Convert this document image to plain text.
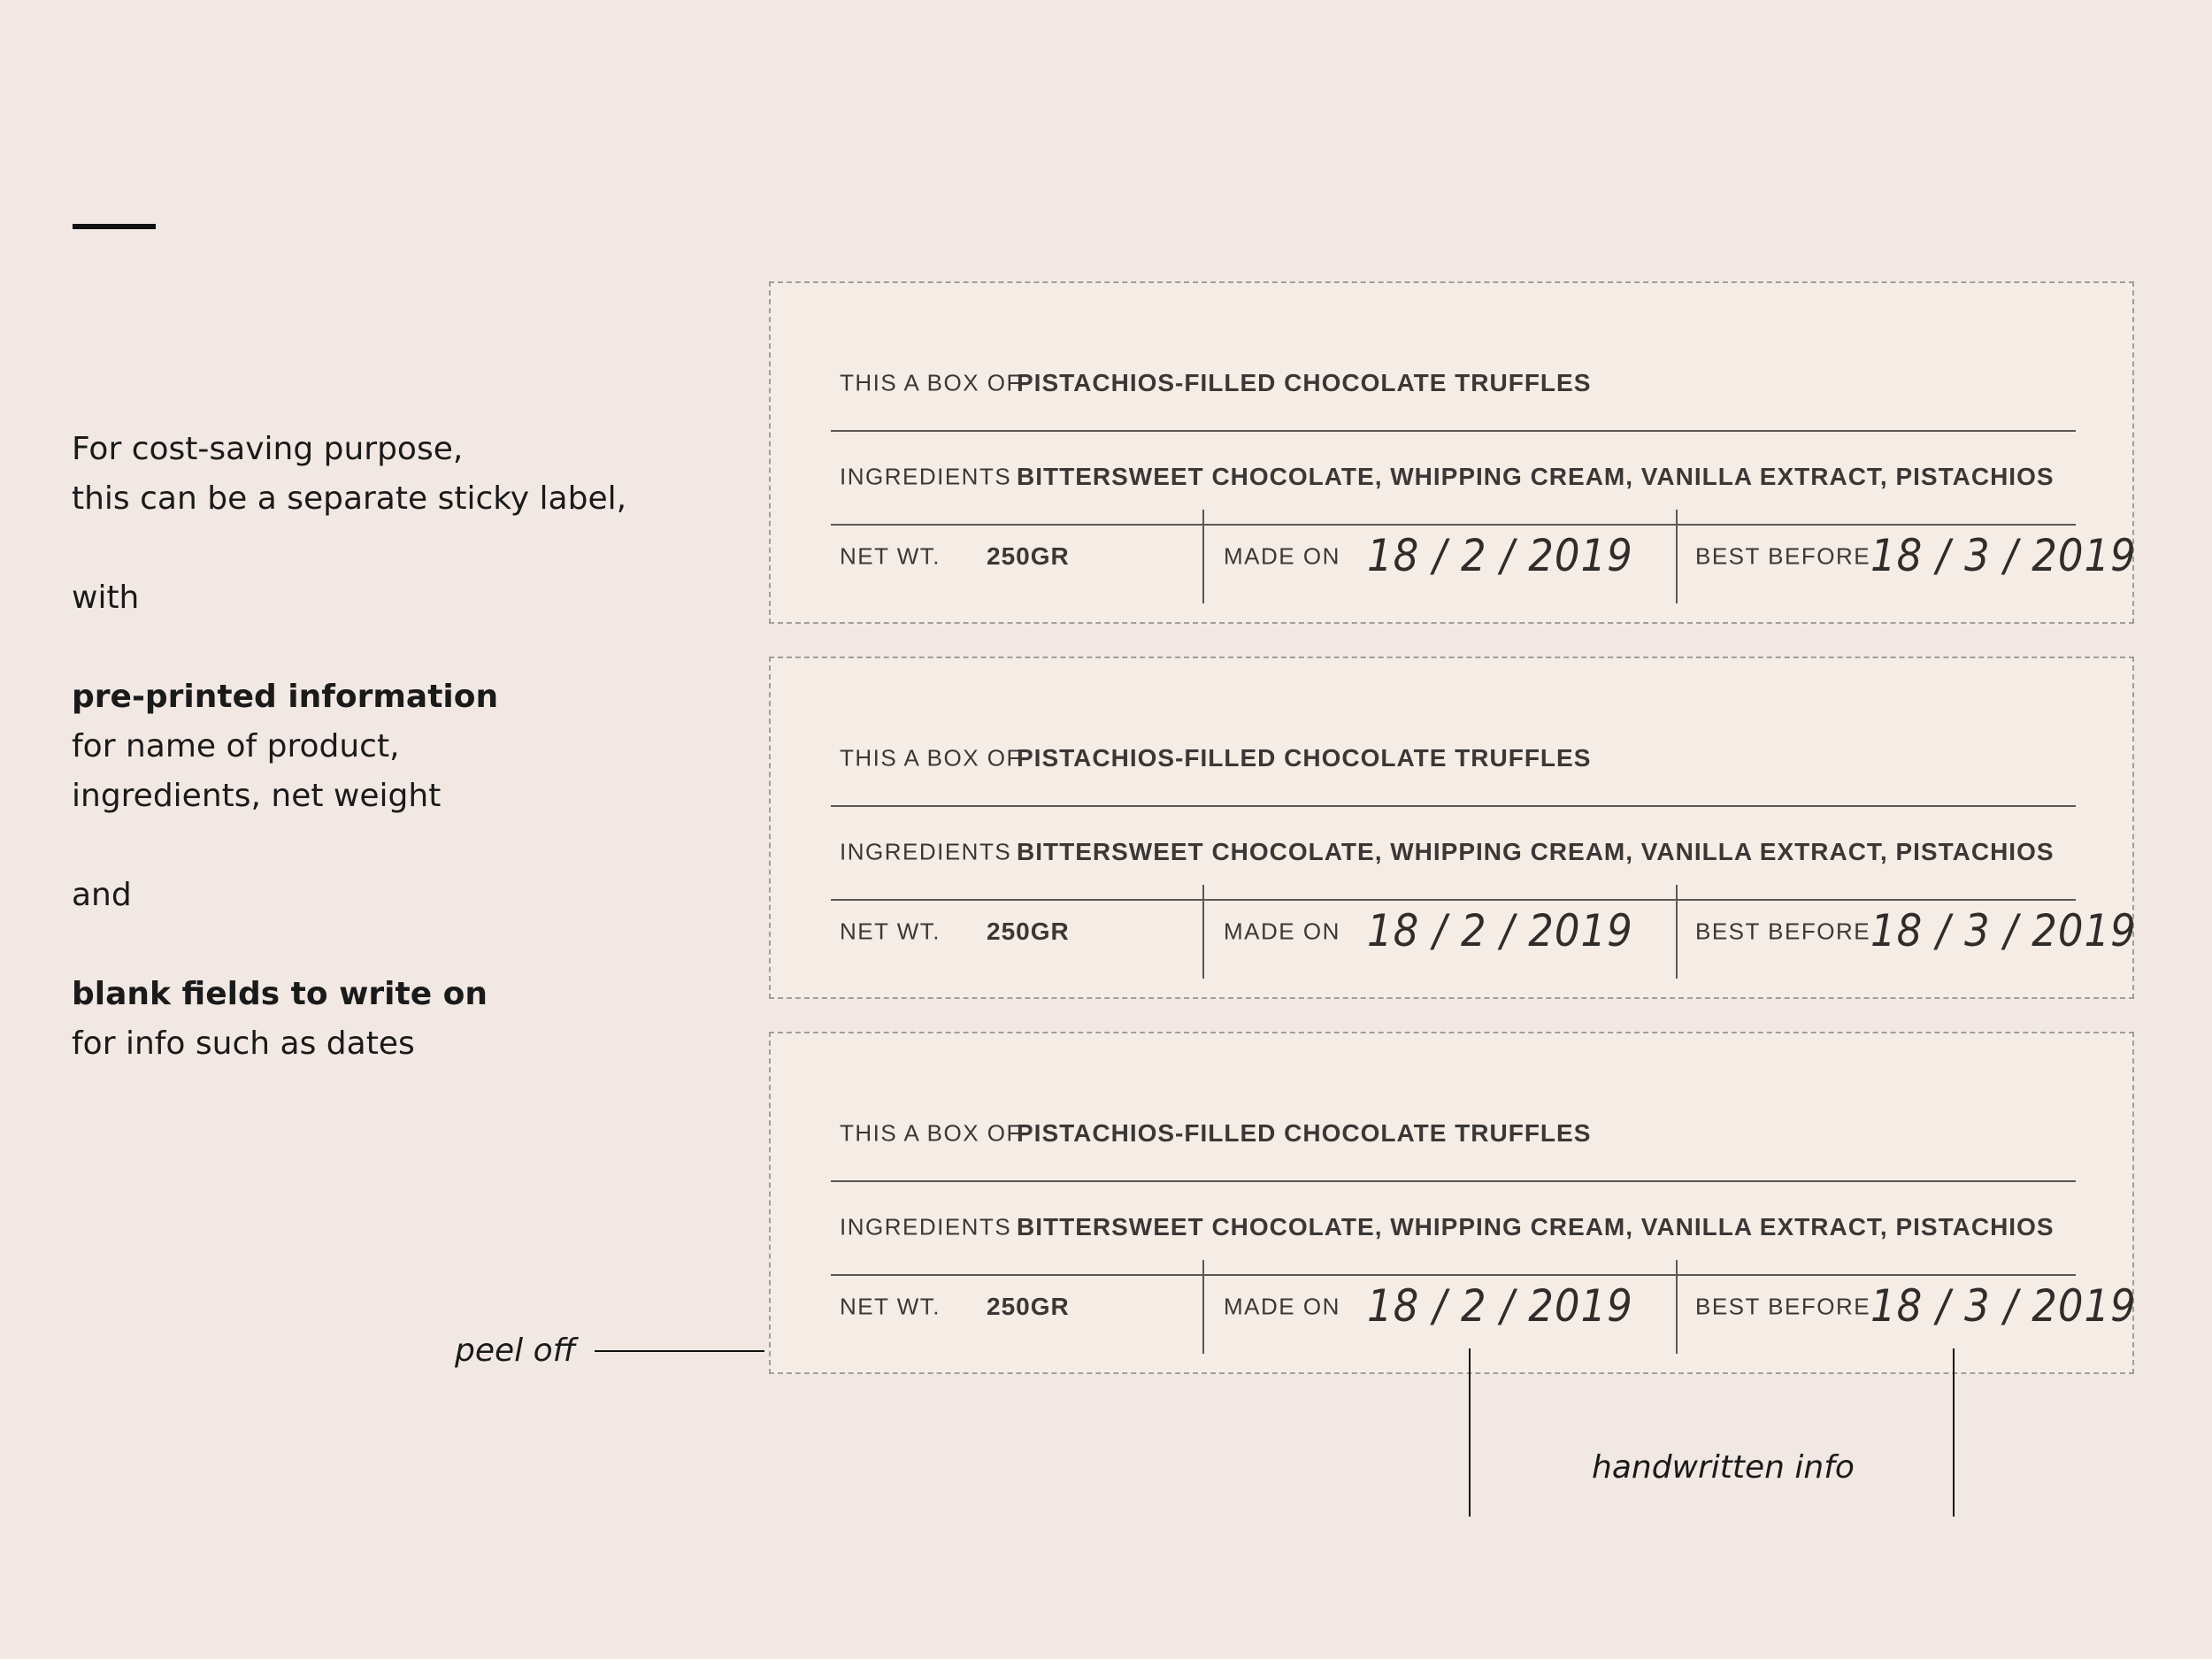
For cost-saving purpose,
this can be a separate sticky label,
with
pre-printed information
for name of product,
ingredients, net weight
and
blank fields to write on
for info such as dates
THIS A BOX OF
PISTACHIOS-FILLED CHOCOLATE TRUFFLES
INGREDIENTS BITTERSWEET CHOCOLATE, WHIPPING CREAM, VANILLA EXTRACT, PISTACHIOS
NET WT. 250GR	MADE ON 18 / 2 / 2019	BEST BEFORE 18 / 3 / 2019
THIS A BOX OF
PISTACHIOS-FILLED CHOCOLATE TRUFFLES
INGREDIENTS BITTERSWEET CHOCOLATE, WHIPPING CREAM, VANILLA EXTRACT, PISTACHIOS
NET WT. 250GR	MADE ON 18 / 2 / 2019	BEST BEFORE 18 / 3 / 2019
THIS A BOX OF
PISTACHIOS-FILLED CHOCOLATE TRUFFLES
INGREDIENTS BITTERSWEET CHOCOLATE, WHIPPING CREAM, VANILLA EXTRACT, PISTACHIOS
NET WT. 250GR	MADE ON 18 / 2 / 2019	BEST BEFORE 18 / 3 / 2019
peel off
handwritten info
